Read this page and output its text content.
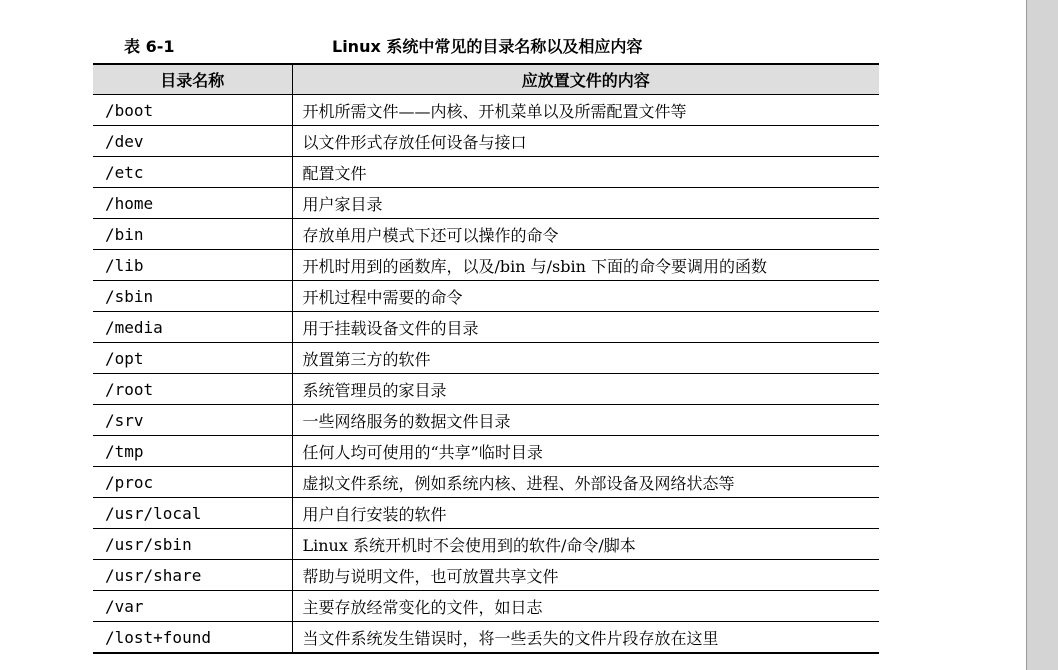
表 6-1	Linux 系统中常见的目录名称以及相应内容
目录名称	应放置文件的内容
/boot	开机所需文件——内核、开机菜单以及所需配置文件等
/dev	以文件形式存放任何设备与接口
/etc	配置文件
/home	用户家目录
/bin	存放单用户模式下还可以操作的命令
/lib	开机时用到的函数库，以及/bin 与/sbin 下面的命令要调用的函数
/sbin	开机过程中需要的命令
/media	用于挂载设备文件的目录
/opt	放置第三方的软件
/root	系统管理员的家目录
/srv	一些网络服务的数据文件目录
/tmp	任何人均可使用的“共享”临时目录
/proc	虚拟文件系统，例如系统内核、进程、外部设备及网络状态等
/usr/local	用户自行安装的软件
/usr/sbin	Linux 系统开机时不会使用到的软件/命令/脚本
/usr/share	帮助与说明文件，也可放置共享文件
/var	主要存放经常变化的文件，如日志
/lost+found	当文件系统发生错误时，将一些丢失的文件片段存放在这里
